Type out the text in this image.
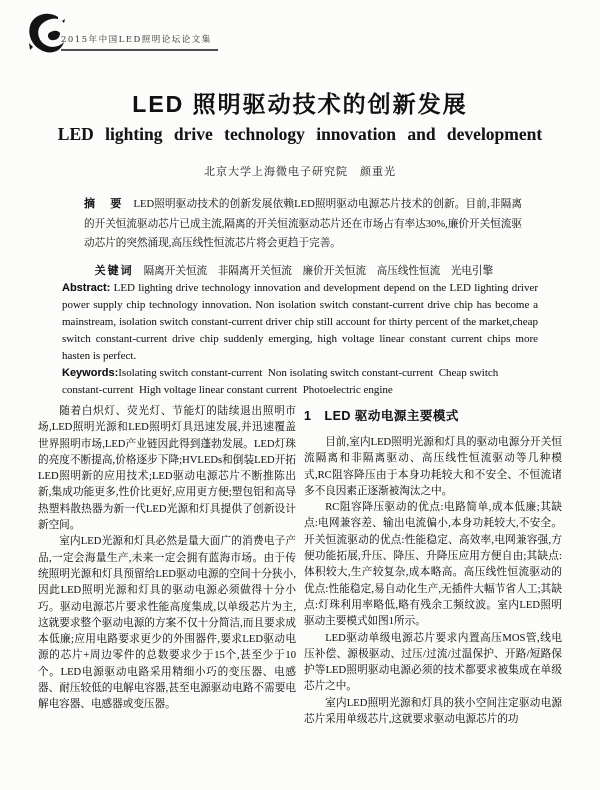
2015年中国LED照明论坛论文集
LED 照明驱动技术的创新发展
LED lighting drive technology innovation and development
北京大学上海微电子研究院　颜重光
摘　要 LED照明驱动技术的创新发展依赖LED照明驱动电源芯片技术的创新。目前,非隔离的开关恒流驱动芯片已成主流,隔离的开关恒流驱动芯片还在市场占有率达30%,廉价开关恒流驱动芯片的突然涌现,高压线性恒流芯片将会更趋于完善。

关键词 隔离开关恒流　非隔离开关恒流　廉价开关恒流　高压线性恒流　光电引擎

Abstract: LED lighting drive technology innovation and development depend on the LED lighting driver power supply chip technology innovation. Non isolation switch constant-current drive chip has become a mainstream, isolation switch constant-current driver chip still account for thirty percent of the market,cheap switch constant-current drive chip suddenly emerging, high voltage linear constant current chips more hasten is perfect.
Keywords:Isolating switch constant-current  Non isolating switch constant-current  Cheap switch constant-current  High voltage linear constant current  Photoelectric engine

随着白炽灯、荧光灯、节能灯的陆续退出照明市场,LED照明光源和LED照明灯具迅速发展,并迅速覆盖世界照明市场,LED产业链因此得到蓬勃发展。LED灯珠的亮度不断提高,价格逐步下降;HVLEDs和倒装LED开拓LED照明新的应用技术;LED驱动电源芯片不断推陈出新,集成功能更多,性价比更好,应用更方便;塑包铝和高导热塑料散热器为新一代LED光源和灯具提供了创新设计新空间。

室内LED光源和灯具必然是量大面广的消费电子产品,一定会海量生产,未来一定会拥有蓝海市场。由于传统照明光源和灯具预留给LED驱动电源的空间十分狭小,因此LED照明光源和灯具的驱动电源必须做得十分小巧。驱动电源芯片要求性能高度集成,以单级芯片为主,这就要求整个驱动电源的方案不仅十分简洁,而且要求成本低廉;应用电路要求更少的外围器件,要求LED驱动电源的芯片+周边零件的总数要求少于15个,甚至少于10个。LED电源驱动电路采用精细小巧的变压器、电感器、耐压较低的电解电容器,甚至电源驱动电路不需要电解电容器、电感器或变压器。

1　LED 驱动电源主要模式

目前,室内LED照明光源和灯具的驱动电源分开关恒流隔离和非隔离驱动、高压线性恒流驱动等几种模式,RC阻容降压由于本身功耗较大和不安全、不恒流诸多不良因素正逐渐被淘汰之中。

RC阻容降压驱动的优点:电路简单,成本低廉;其缺点:电网兼容差、输出电流偏小,本身功耗较大,不安全。开关恒流驱动的优点:性能稳定、高效率,电网兼容强,方便功能拓展,升压、降压、升降压应用方便自由;其缺点:体积较大,生产较复杂,成本略高。高压线性恒流驱动的优点:性能稳定,易自动化生产,无插件大幅节省人工;其缺点:灯珠利用率略低,略有残余工频纹波。室内LED照明驱动主要模式如图1所示。

LED驱动单级电源芯片要求内置高压MOS管,线电压补偿、源极驱动、过压/过流/过温保护、开路/短路保护等LED照明驱动电源必须的技术都要求被集成在单级芯片之中。

室内LED照明光源和灯具的狭小空间注定驱动电源芯片采用单级芯片,这就要求驱动电源芯片的功
